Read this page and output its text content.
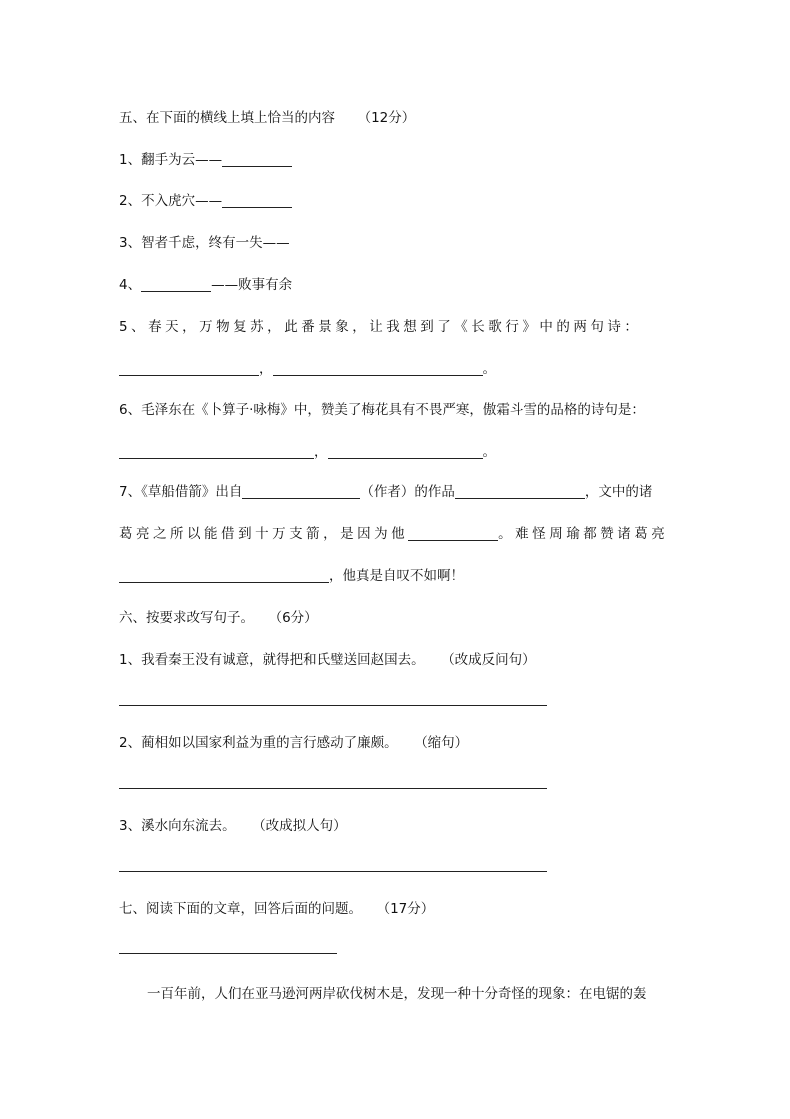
五、在下面的横线上填上恰当的内容 （12分）
1、翻手为云——
2、不入虎穴——
3、智者千虑，终有一失——
4、	——败事有余
5、春天，万物复苏，此番景象，让我想到了《长歌行》中的两句诗：
，	。
6、毛泽东在《卜算子·咏梅》中，赞美了梅花具有不畏严寒，傲霜斗雪的品格的诗句是：
，	。
7、《草船借箭》出自	（作者）的作品	，文中的诸
葛亮之所以能借到十万支箭，是因为他	。难怪周瑜都赞诸葛亮
，他真是自叹不如啊！
六、按要求改写句子。 （6分）
1、我看秦王没有诚意，就得把和氏璧送回赵国去。 （改成反问句）
2、蔺相如以国家利益为重的言行感动了廉颇。 （缩句）
3、溪水向东流去。 （改成拟人句）
七、阅读下面的文章，回答后面的问题。 （17分）
一百年前，人们在亚马逊河两岸砍伐树木是，发现一种十分奇怪的现象：在电锯的轰
